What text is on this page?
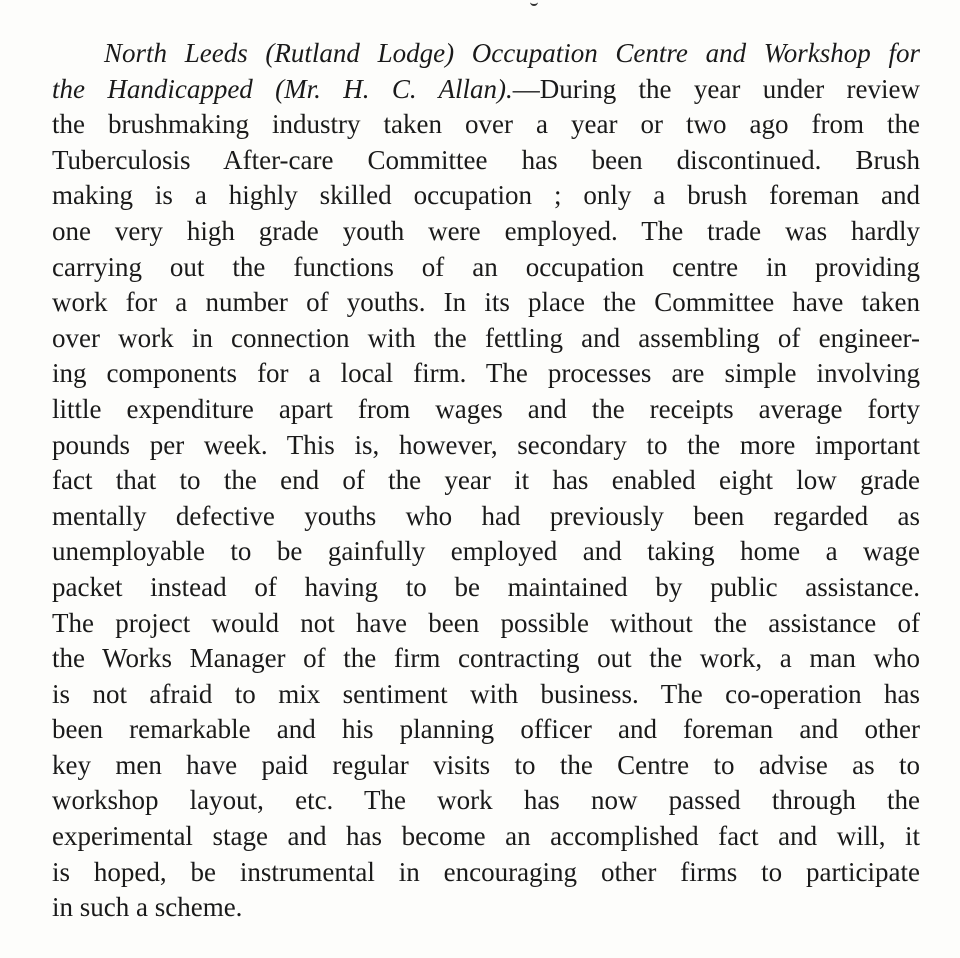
North Leeds (Rutland Lodge) Occupation Centre and Workshop for
the Handicapped (Mr. H. C. Allan).—During the year under review
the brushmaking industry taken over a year or two ago from the
Tuberculosis After-care Committee has been discontinued. Brush
making is a highly skilled occupation ; only a brush foreman and
one very high grade youth were employed. The trade was hardly
carrying out the functions of an occupation centre in providing
work for a number of youths. In its place the Committee have taken
over work in connection with the fettling and assembling of engineer-
ing components for a local firm. The processes are simple involving
little expenditure apart from wages and the receipts average forty
pounds per week. This is, however, secondary to the more important
fact that to the end of the year it has enabled eight low grade
mentally defective youths who had previously been regarded as
unemployable to be gainfully employed and taking home a wage
packet instead of having to be maintained by public assistance.
The project would not have been possible without the assistance of
the Works Manager of the firm contracting out the work, a man who
is not afraid to mix sentiment with business. The co-operation has
been remarkable and his planning officer and foreman and other
key men have paid regular visits to the Centre to advise as to
workshop layout, etc. The work has now passed through the
experimental stage and has become an accomplished fact and will, it
is hoped, be instrumental in encouraging other firms to participate
in such a scheme.
